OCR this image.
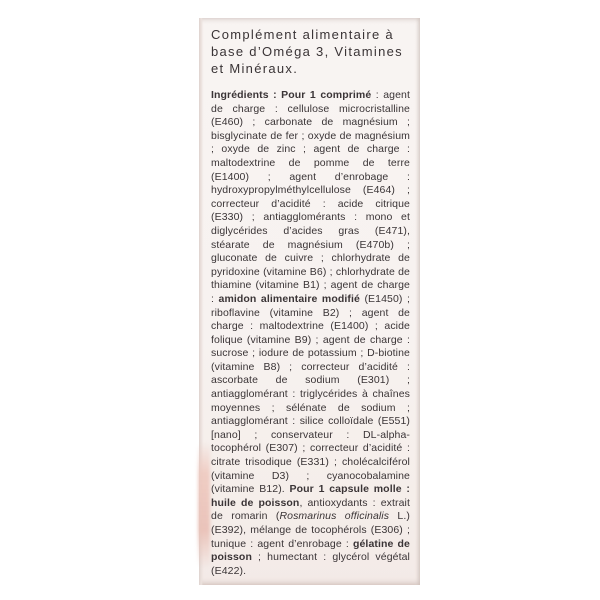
Complément alimentaire à base d’Oméga 3, Vitamines et Minéraux.

Ingrédients : Pour 1 comprimé : agent de charge : cellulose microcristalline (E460) ; carbonate de magnésium ; bisglycinate de fer ; oxyde de magnésium ; oxyde de zinc ; agent de charge : maltodextrine de pomme de terre (E1400) ; agent d’enrobage : hydroxypropylméthylcellulose (E464) ; correcteur d’acidité : acide citrique (E330) ; antiagglomérants : mono et diglycérides d’acides gras (E471), stéarate de magnésium (E470b) ; gluconate de cuivre ; chlorhydrate de pyridoxine (vitamine B6) ; chlorhydrate de thiamine (vitamine B1) ; agent de charge : amidon alimentaire modifié (E1450) ; riboflavine (vitamine B2) ; agent de charge : maltodextrine (E1400) ; acide folique (vitamine B9) ; agent de charge : sucrose ; iodure de potassium ; D-biotine (vitamine B8) ; correcteur d’acidité : ascorbate de sodium (E301) ; antiagglomérant : triglycérides à chaînes moyennes ; sélénate de sodium ; antiagglomérant : silice colloïdale (E551) [nano] ; conservateur : DL-alpha-tocophérol (E307) ; correcteur d’acidité : citrate trisodique (E331) ; cholécalciférol (vitamine D3) ; cyanocobalamine (vitamine B12). Pour 1 capsule molle : huile de poisson, antioxydants : extrait de romarin (Rosmarinus officinalis L.) (E392), mélange de tocophérols (E306) ; tunique : agent d’enrobage : gélatine de poisson ; humectant : glycérol végétal (E422).
